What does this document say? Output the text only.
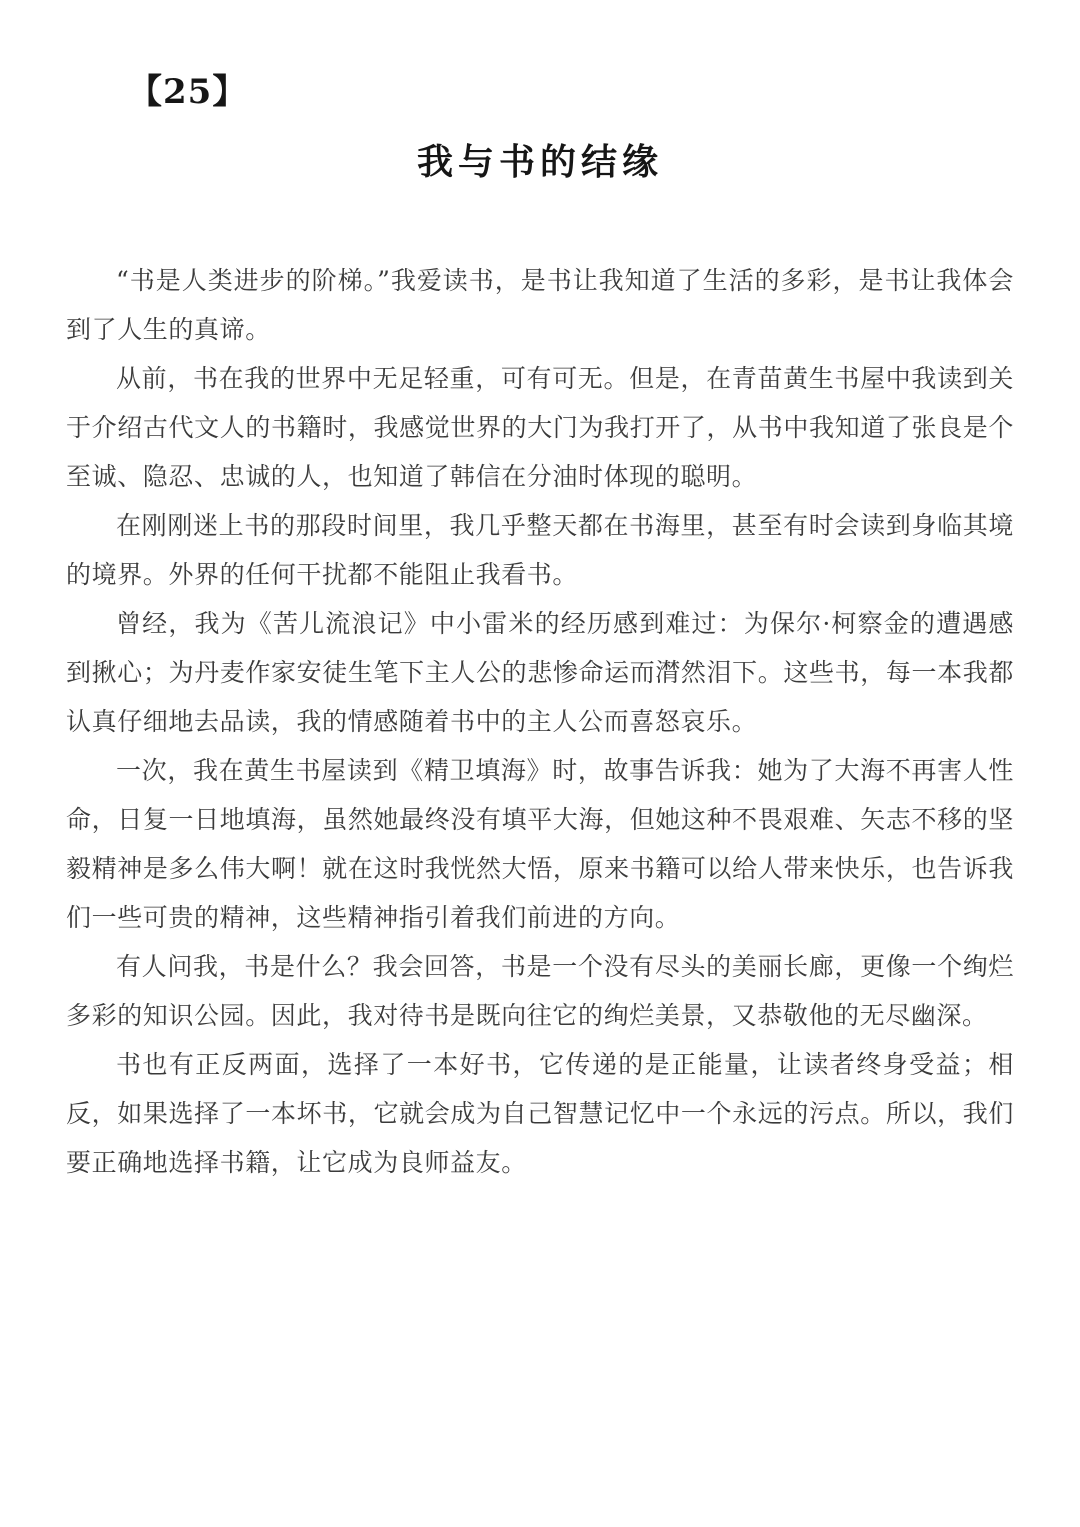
【25】
我与书的结缘

“书是人类进步的阶梯。”我爱读书，是书让我知道了生活的多彩，是书让我体会到了人生的真谛。

从前，书在我的世界中无足轻重，可有可无。但是，在青苗黄生书屋中我读到关于介绍古代文人的书籍时，我感觉世界的大门为我打开了，从书中我知道了张良是个至诚、隐忍、忠诚的人，也知道了韩信在分油时体现的聪明。

在刚刚迷上书的那段时间里，我几乎整天都在书海里，甚至有时会读到身临其境的境界。外界的任何干扰都不能阻止我看书。

曾经，我为《苦儿流浪记》中小雷米的经历感到难过：为保尔·柯察金的遭遇感到揪心；为丹麦作家安徒生笔下主人公的悲惨命运而潸然泪下。这些书，每一本我都认真仔细地去品读，我的情感随着书中的主人公而喜怒哀乐。

一次，我在黄生书屋读到《精卫填海》时，故事告诉我：她为了大海不再害人性命，日复一日地填海，虽然她最终没有填平大海，但她这种不畏艰难、矢志不移的坚毅精神是多么伟大啊！就在这时我恍然大悟，原来书籍可以给人带来快乐，也告诉我们一些可贵的精神，这些精神指引着我们前进的方向。

有人问我，书是什么？我会回答，书是一个没有尽头的美丽长廊，更像一个绚烂多彩的知识公园。因此，我对待书是既向往它的绚烂美景，又恭敬他的无尽幽深。

书也有正反两面，选择了一本好书，它传递的是正能量，让读者终身受益；相反，如果选择了一本坏书，它就会成为自己智慧记忆中一个永远的污点。所以，我们要正确地选择书籍，让它成为良师益友。
